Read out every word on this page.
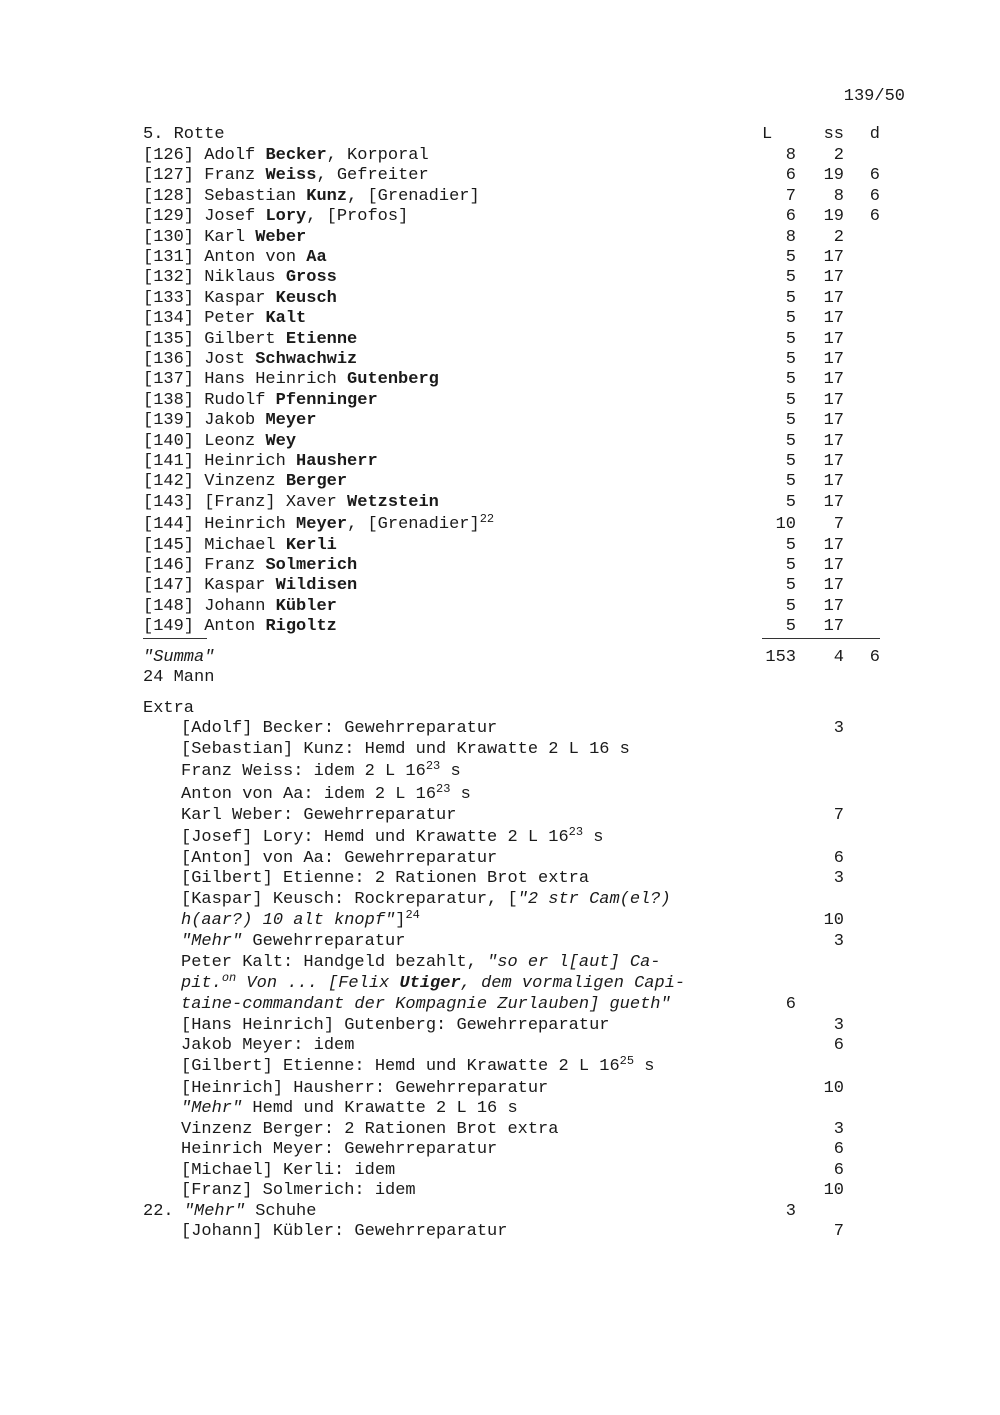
139/50
5. Rotte	L	ss	d
[126] Adolf Becker, Korporal	8	2
[127] Franz Weiss, Gefreiter	6	19	6
[128] Sebastian Kunz, [Grenadier]	7	8	6
[129] Josef Lory, [Profos]	6	19	6
[130] Karl Weber	8	2
[131] Anton von Aa	5	17
[132] Niklaus Gross	5	17
[133] Kaspar Keusch	5	17
[134] Peter Kalt	5	17
[135] Gilbert Etienne	5	17
[136] Jost Schwachwiz	5	17
[137] Hans Heinrich Gutenberg	5	17
[138] Rudolf Pfenninger	5	17
[139] Jakob Meyer	5	17
[140] Leonz Wey	5	17
[141] Heinrich Hausherr	5	17
[142] Vinzenz Berger	5	17
[143] [Franz] Xaver Wetzstein	5	17
[144] Heinrich Meyer, [Grenadier]$^{22}$	10	7
[145] Michael Kerli	5	17
[146] Franz Solmerich	5	17
[147] Kaspar Wildisen	5	17
[148] Johann Kübler	5	17
[149] Anton Rigoltz	5	17
"Summa"	153	4	6
24 Mann
Extra
[Adolf] Becker: Gewehrreparatur	3
[Sebastian] Kunz: Hemd und Krawatte 2 L 16 s
Franz Weiss: idem 2 L $16^{23}$ s
Anton von Aa: idem 2 L $16^{23}$ s
Karl Weber: Gewehrreparatur	7
[Josef] Lory: Hemd und Krawatte 2 L $16^{23}$ s
[Anton] von Aa: Gewehrreparatur	6
[Gilbert] Etienne: 2 Rationen Brot extra	3
[Kaspar] Keusch: Rockreparatur, ["2 str Cam(el?)
h(aar?) 10 alt knopf"]$^{24}$	10
"Mehr" Gewehrreparatur	3
Peter Kalt: Handgeld bezahlt, "so er l[aut] Ca-
pit.$^{on}$ Von ... [Felix Utiger, dem vormaligen Capi-
taine-commandant der Kompagnie Zurlauben] gueth"	6
[Hans Heinrich] Gutenberg: Gewehrreparatur	3
Jakob Meyer: idem	6
[Gilbert] Etienne: Hemd und Krawatte 2 L $16^{25}$ s
[Heinrich] Hausherr: Gewehrreparatur	10
"Mehr" Hemd und Krawatte 2 L 16 s
Vinzenz Berger: 2 Rationen Brot extra	3
Heinrich Meyer: Gewehrreparatur	6
[Michael] Kerli: idem	6
[Franz] Solmerich: idem	10
22. "Mehr" Schuhe	3
[Johann] Kübler: Gewehrreparatur	7
